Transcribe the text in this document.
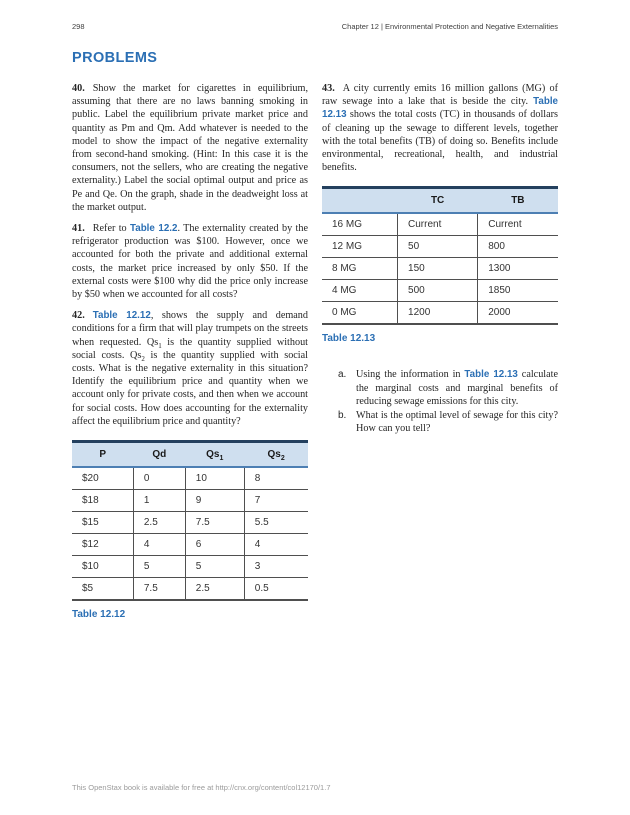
298	Chapter 12 | Environmental Protection and Negative Externalities
PROBLEMS

40. Show the market for cigarettes in equilibrium, assuming that there are no laws banning smoking in public. Label the equilibrium private market price and quantity as Pm and Qm. Add whatever is needed to the model to show the impact of the negative externality from second-hand smoking. (Hint: In this case it is the consumers, not the sellers, who are creating the negative externality.) Label the social optimal output and price as Pe and Qe. On the graph, shade in the deadweight loss at the market output.

41. Refer to Table 12.2. The externality created by the refrigerator production was $100. However, once we accounted for both the private and additional external costs, the market price increased by only $50. If the external costs were $100 why did the price only increase by $50 when we accounted for all costs?

42. Table 12.12, shows the supply and demand conditions for a firm that will play trumpets on the streets when requested. $Qs_1$ is the quantity supplied without social costs. $Qs_2$ is the quantity supplied with social costs. What is the negative externality in this situation? Identify the equilibrium price and quantity when we account only for private costs, and then when we account for social costs. How does accounting for the externality affect the equilibrium price and quantity?

P	Qd	$Qs_1$	$Qs_2$
$20	0	10	8
$18	1	9	7
$15	2.5	7.5	5.5
$12	4	6	4
$10	5	5	3
$5	7.5	2.5	0.5
Table 12.12

43. A city currently emits 16 million gallons (MG) of raw sewage into a lake that is beside the city. Table 12.13 shows the total costs (TC) in thousands of dollars of cleaning up the sewage to different levels, together with the total benefits (TB) of doing so. Benefits include environmental, recreational, health, and industrial benefits.

	TC	TB
16 MG	Current	Current
12 MG	50	800
8 MG	150	1300
4 MG	500	1850
0 MG	1200	2000
Table 12.13
a. Using the information in Table 12.13 calculate the marginal costs and marginal benefits of reducing sewage emissions for this city.
b. What is the optimal level of sewage for this city? How can you tell?
This OpenStax book is available for free at http://cnx.org/content/col12170/1.7
